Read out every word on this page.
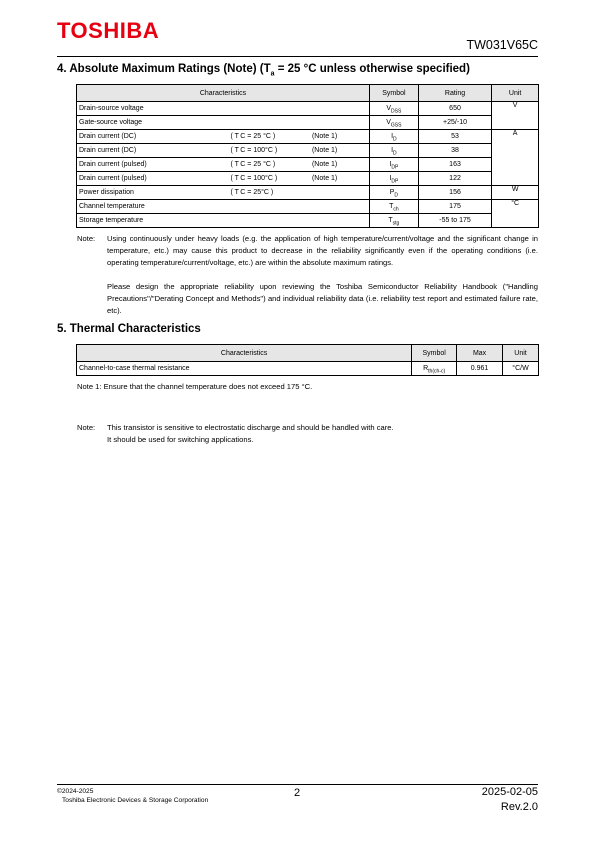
TOSHIBA
TW031V65C
4. Absolute Maximum Ratings (Note) ($T_a = 25$ °C unless otherwise specified)
Characteristics	Symbol	Rating	Unit

Drain-source voltage	$V_{DSS}$	650	V

Gate-source voltage	$V_{GSS}$	+25/-10	

Drain current (DC) ( T C = 25 °C ) (Note 1)	$I_D$	53	A

Drain current (DC) ( T C = 100°C ) (Note 1)	$I_D$	38	

Drain current (pulsed) ( T C = 25 °C ) (Note 1)	$I_{DP}$	163	

Drain current (pulsed) ( T C = 100°C ) (Note 1)	$I_{DP}$	122	

Power dissipation ( T C = 25°C )	$P_D$	156	W

Channel temperature	$T_{ch}$	175	°C

Storage temperature	$T_{stg}$	-55 to 175	
Note: Using continuously under heavy loads (e.g. the application of high temperature/current/voltage and the significant change in temperature, etc.) may cause this product to decrease in the reliability significantly even if the operating conditions (i.e. operating temperature/current/voltage, etc.) are within the absolute maximum ratings.
Please design the appropriate reliability upon reviewing the Toshiba Semiconductor Reliability Handbook ("Handling Precautions"/"Derating Concept and Methods") and individual reliability data (i.e. reliability test report and estimated failure rate, etc).
5. Thermal Characteristics
Characteristics	Symbol	Max	Unit
Channel-to-case thermal resistance	$R_{th(ch-c)}$	0.961	°C/W
Note 1: Ensure that the channel temperature does not exceed 175 °C.
Note: This transistor is sensitive to electrostatic discharge and should be handled with care.
It should be used for switching applications.
©2024-2025
Toshiba Electronic Devices & Storage Corporation
2	2025-02-05
Rev.2.0
